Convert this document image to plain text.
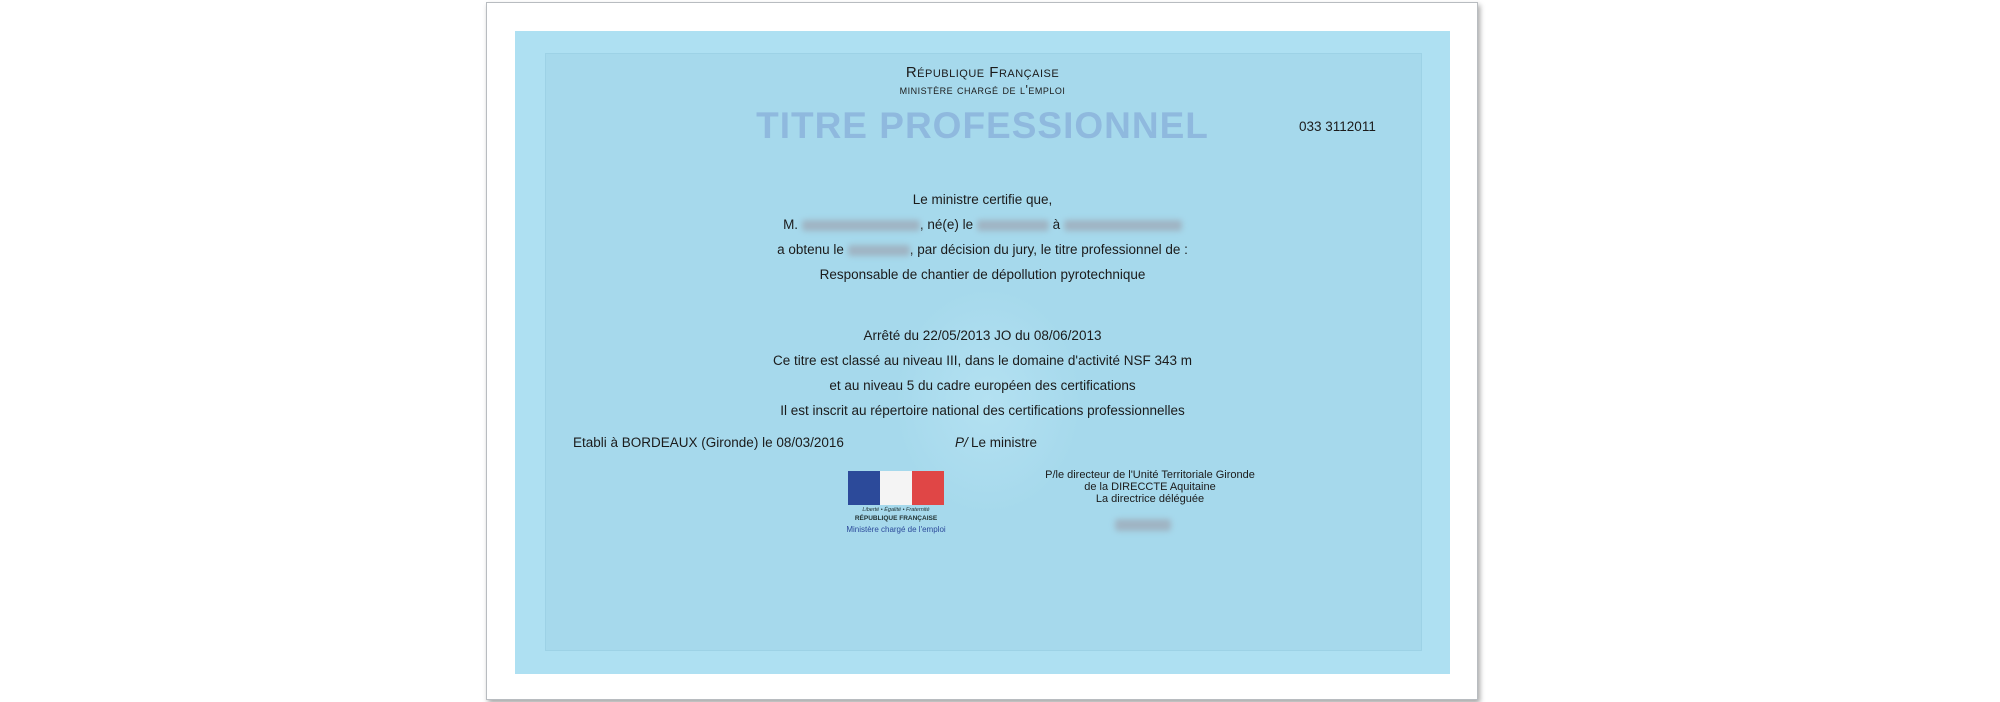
République Française
ministère chargé de l'emploi
TITRE PROFESSIONNEL	033 3112011
Le ministre certifie que,
M.	, né(e) le	à
a obtenu le	, par décision du jury, le titre professionnel de :
Responsable de chantier de dépollution pyrotechnique
Arrêté du 22/05/2013 JO du 08/06/2013
Ce titre est classé au niveau III, dans le domaine d'activité NSF 343 m
et au niveau 5 du cadre européen des certifications
Il est inscrit au répertoire national des certifications professionnelles
Etabli à BORDEAUX (Gironde) le 08/03/2016	P/ Le ministre
P/le directeur de l'Unité Territoriale Gironde
de la DIRECCTE Aquitaine
La directrice déléguée
Liberté • Égalité • Fraternité
RÉPUBLIQUE FRANÇAISE
Ministère chargé de l'emploi
